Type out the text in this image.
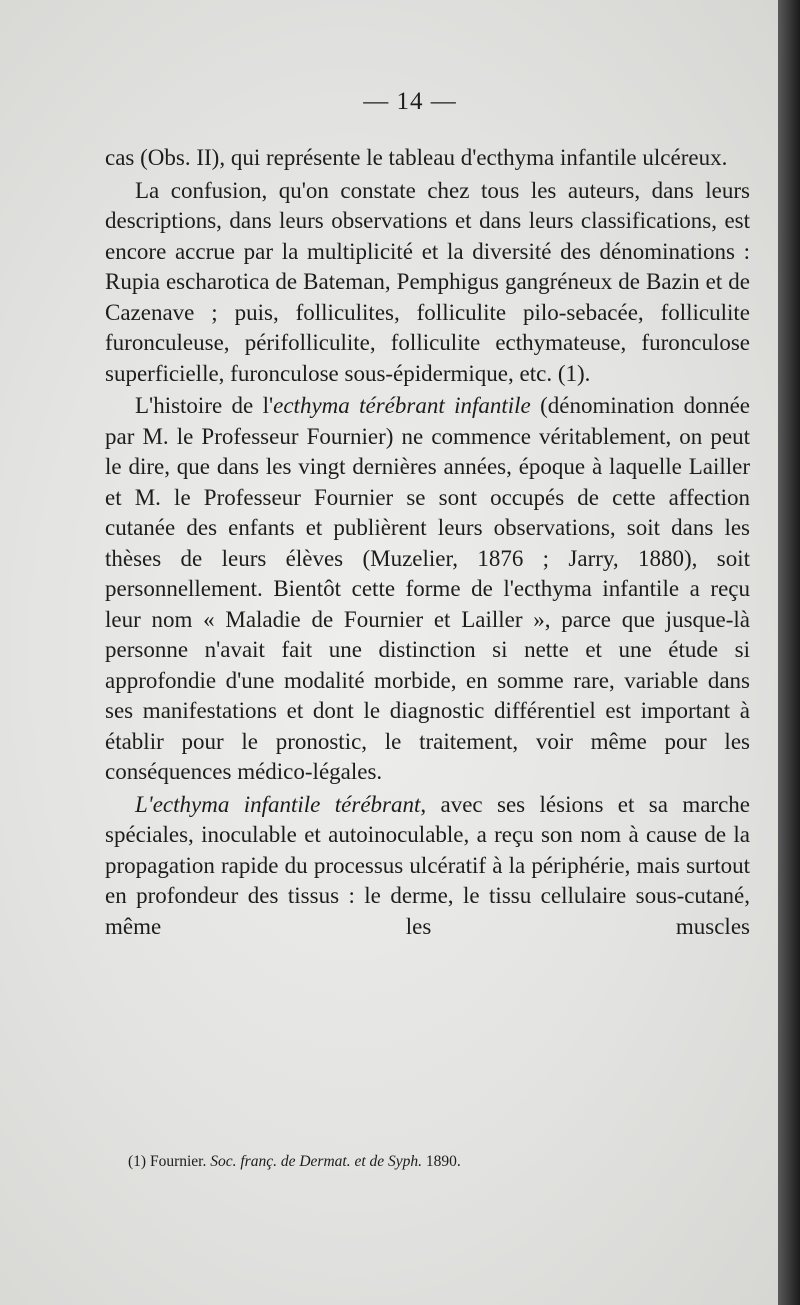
— 14 —

cas (Obs. II), qui représente le tableau d'ecthyma infantile ulcéreux.

La confusion, qu'on constate chez tous les auteurs, dans leurs descriptions, dans leurs observations et dans leurs classifications, est encore accrue par la multiplicité et la diversité des dénominations : Rupia escharotica de Bateman, Pemphigus gangréneux de Bazin et de Cazenave ; puis, folliculites, folliculite pilo-sebacée, folliculite furonculeuse, périfolliculite, folliculite ecthymateuse, furonculose superficielle, furonculose sous-épidermique, etc. (1).

L'histoire de l'ecthyma térébrant infantile (dénomination donnée par M. le Professeur Fournier) ne commence véritablement, on peut le dire, que dans les vingt dernières années, époque à laquelle Lailler et M. le Professeur Fournier se sont occupés de cette affection cutanée des enfants et publièrent leurs observations, soit dans les thèses de leurs élèves (Muzelier, 1876 ; Jarry, 1880), soit personnellement. Bientôt cette forme de l'ecthyma infantile a reçu leur nom « Maladie de Fournier et Lailler », parce que jusque-là personne n'avait fait une distinction si nette et une étude si approfondie d'une modalité morbide, en somme rare, variable dans ses manifestations et dont le diagnostic différentiel est important à établir pour le pronostic, le traitement, voir même pour les conséquences médico-légales.

L'ecthyma infantile térébrant, avec ses lésions et sa marche spéciales, inoculable et autoinoculable, a reçu son nom à cause de la propagation rapide du processus ulcératif à la périphérie, mais surtout en profondeur des tissus : le derme, le tissu cellulaire sous-cutané, même les muscles

(1) Fournier. Soc. franç. de Dermat. et de Syph. 1890.
